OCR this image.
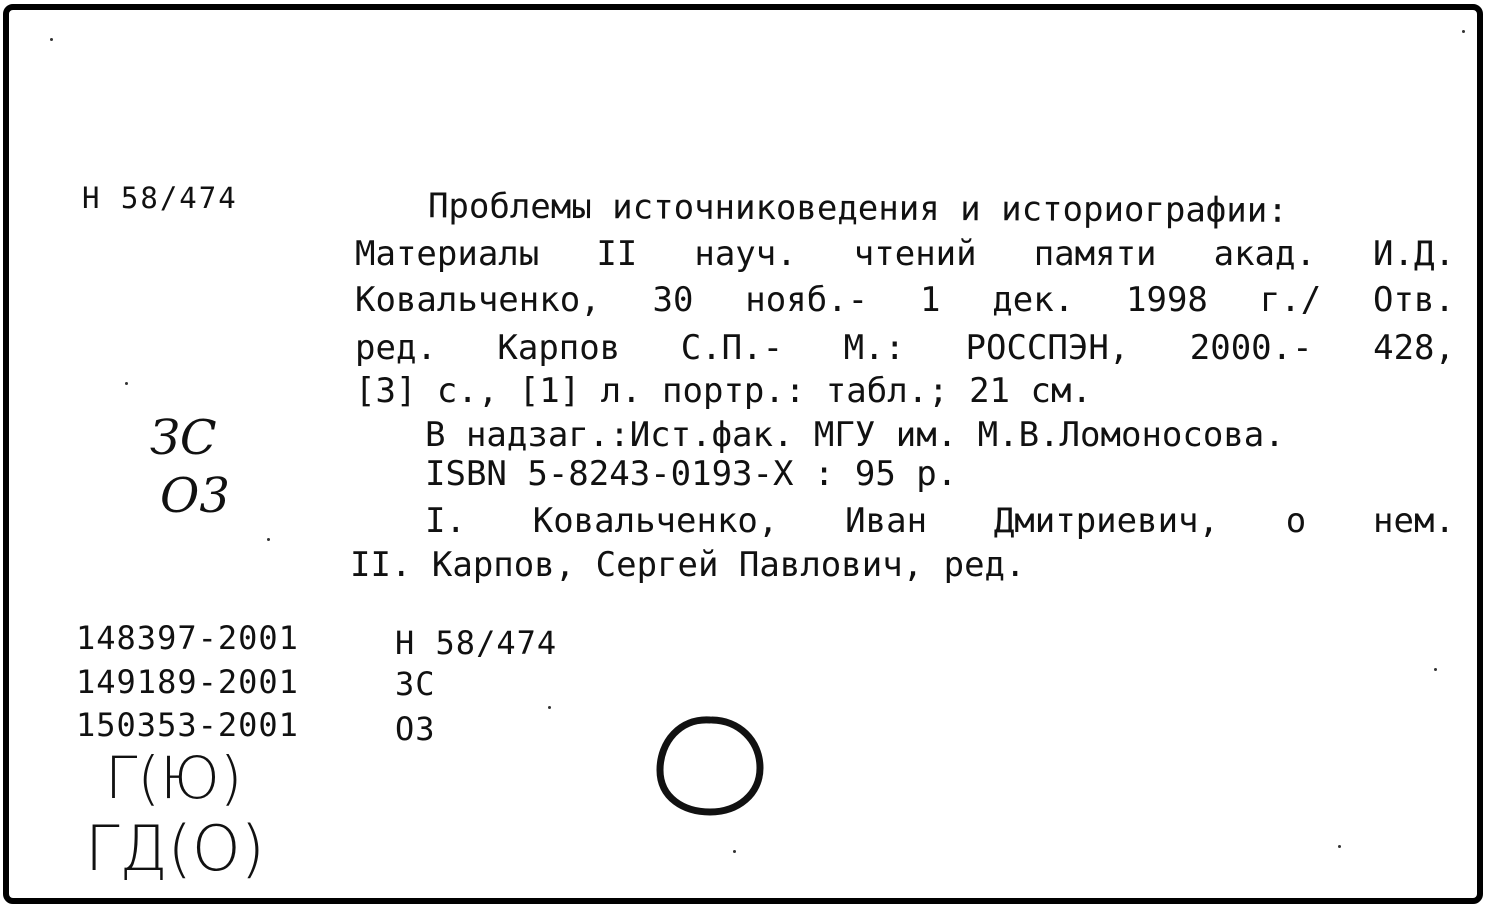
Н 58/474

	Проблемы источниковедения и историографии:

Материалы II науч. чтений памяти акад. И.Д.

Ковальченко, 30 нояб.- 1 дек. 1998 г./ Отв.

ред. Карпов С.П.- М.: РОССПЭН, 2000.- 428,

[3] с., [1] л. портр.: табл.; 21 см.

В надзаг.:Ист.фак. МГУ им. М.В.Ломоносова.

ISBN 5-8243-0193-X : 95 р.

I. Ковальченко, Иван Дмитриевич, о нем.

II. Карпов, Сергей Павлович, ред.

ЗС
О3
148397-2001	Н 58/474
149189-2001	ЗС
150353-2001	О3
Г(Ю)
ГД(О)
